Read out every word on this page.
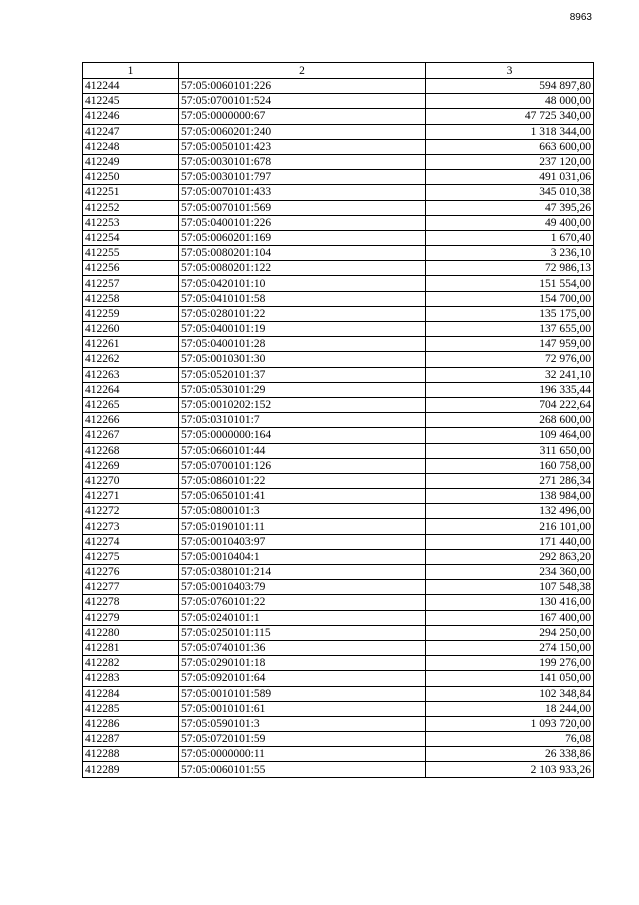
8963
1	2	3
412244	57:05:0060101:226	594 897,80
412245	57:05:0700101:524	48 000,00
412246	57:05:0000000:67	47 725 340,00
412247	57:05:0060201:240	1 318 344,00
412248	57:05:0050101:423	663 600,00
412249	57:05:0030101:678	237 120,00
412250	57:05:0030101:797	491 031,06
412251	57:05:0070101:433	345 010,38
412252	57:05:0070101:569	47 395,26
412253	57:05:0400101:226	49 400,00
412254	57:05:0060201:169	1 670,40
412255	57:05:0080201:104	3 236,10
412256	57:05:0080201:122	72 986,13
412257	57:05:0420101:10	151 554,00
412258	57:05:0410101:58	154 700,00
412259	57:05:0280101:22	135 175,00
412260	57:05:0400101:19	137 655,00
412261	57:05:0400101:28	147 959,00
412262	57:05:0010301:30	72 976,00
412263	57:05:0520101:37	32 241,10
412264	57:05:0530101:29	196 335,44
412265	57:05:0010202:152	704 222,64
412266	57:05:0310101:7	268 600,00
412267	57:05:0000000:164	109 464,00
412268	57:05:0660101:44	311 650,00
412269	57:05:0700101:126	160 758,00
412270	57:05:0860101:22	271 286,34
412271	57:05:0650101:41	138 984,00
412272	57:05:0800101:3	132 496,00
412273	57:05:0190101:11	216 101,00
412274	57:05:0010403:97	171 440,00
412275	57:05:0010404:1	292 863,20
412276	57:05:0380101:214	234 360,00
412277	57:05:0010403:79	107 548,38
412278	57:05:0760101:22	130 416,00
412279	57:05:0240101:1	167 400,00
412280	57:05:0250101:115	294 250,00
412281	57:05:0740101:36	274 150,00
412282	57:05:0290101:18	199 276,00
412283	57:05:0920101:64	141 050,00
412284	57:05:0010101:589	102 348,84
412285	57:05:0010101:61	18 244,00
412286	57:05:0590101:3	1 093 720,00
412287	57:05:0720101:59	76,08
412288	57:05:0000000:11	26 338,86
412289	57:05:0060101:55	2 103 933,26
